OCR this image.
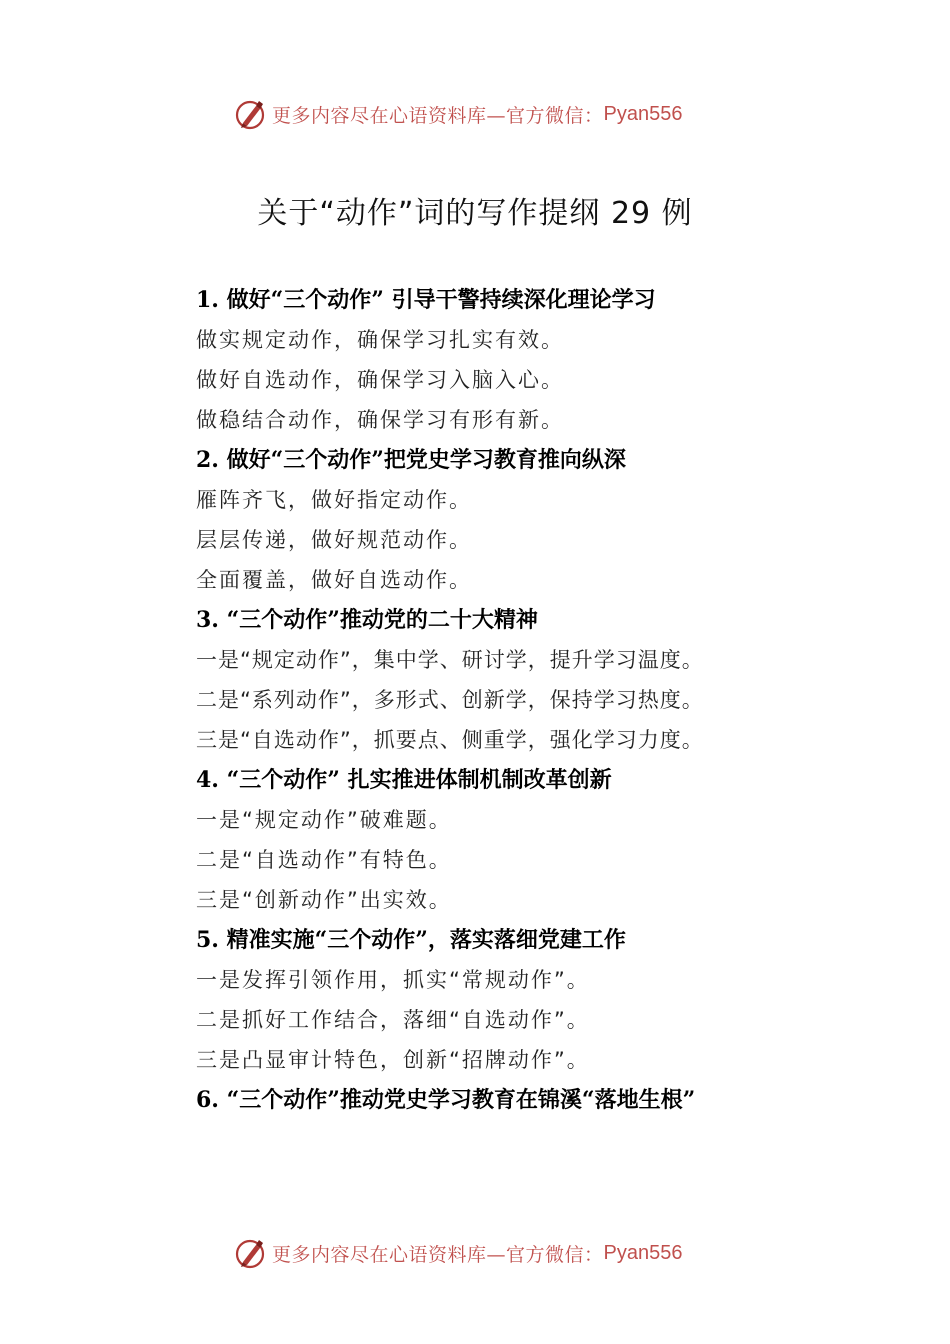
更多内容尽在心语资料库—官方微信： Pyan556
关于“动作”词的写作提纲 29 例
1. 做好“三个动作” 引导干警持续深化理论学习
做实规定动作，确保学习扎实有效。
做好自选动作，确保学习入脑入心。
做稳结合动作，确保学习有形有新。
2. 做好“三个动作”把党史学习教育推向纵深
雁阵齐飞，做好指定动作。
层层传递，做好规范动作。
全面覆盖，做好自选动作。
3. “三个动作”推动党的二十大精神
一是“规定动作”，集中学、研讨学，提升学习温度。
二是“系列动作”，多形式、创新学，保持学习热度。
三是“自选动作”，抓要点、侧重学，强化学习力度。
4. “三个动作” 扎实推进体制机制改革创新
一是“规定动作”破难题。
二是“自选动作”有特色。
三是“创新动作”出实效。
5. 精准实施“三个动作”，落实落细党建工作
一是发挥引领作用，抓实“常规动作”。
二是抓好工作结合，落细“自选动作”。
三是凸显审计特色，创新“招牌动作”。
6. “三个动作”推动党史学习教育在锦溪“落地生根”
更多内容尽在心语资料库—官方微信： Pyan556
